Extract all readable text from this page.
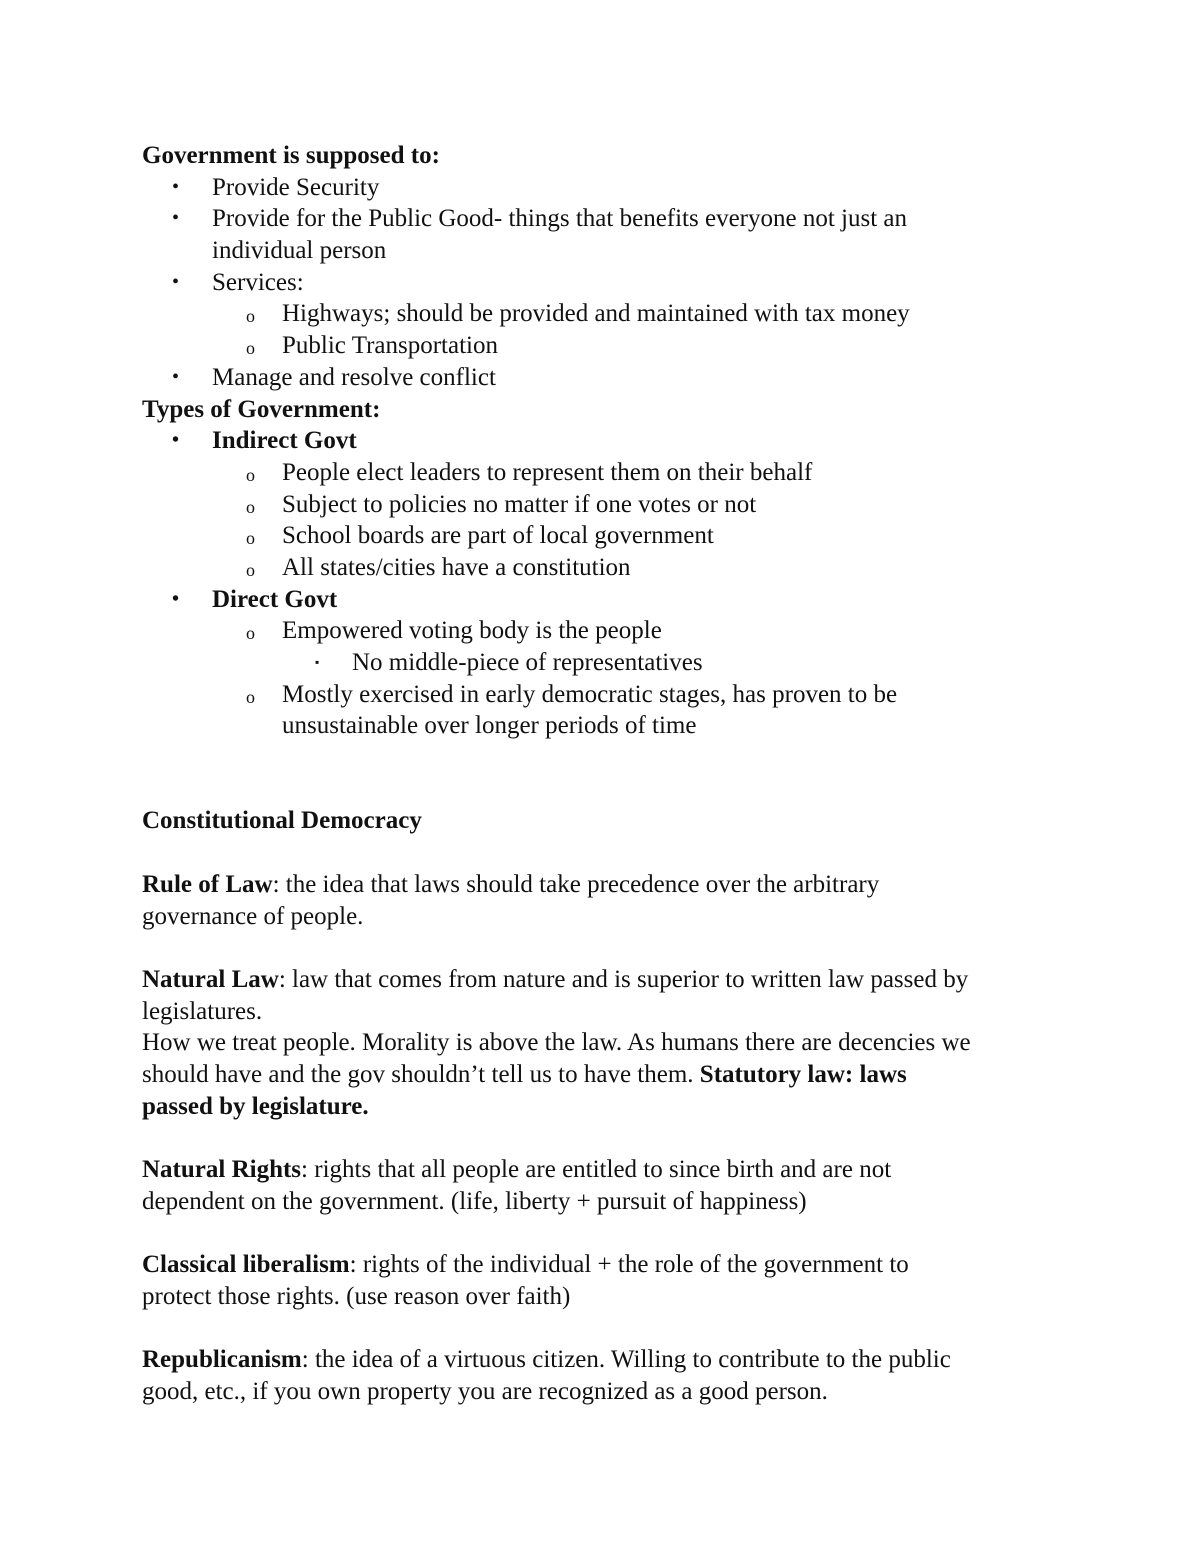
Government is supposed to:
• Provide Security
• Provide for the Public Good- things that benefits everyone not just an
individual person
• Services:
o Highways; should be provided and maintained with tax money
o Public Transportation
• Manage and resolve conflict
Types of Government:
• Indirect Govt
o People elect leaders to represent them on their behalf
o Subject to policies no matter if one votes or not
o School boards are part of local government
o All states/cities have a constitution
• Direct Govt
o Empowered voting body is the people
▪ No middle-piece of representatives
o Mostly exercised in early democratic stages, has proven to be
unsustainable over longer periods of time
Constitutional Democracy
Rule of Law: the idea that laws should take precedence over the arbitrary
governance of people.
Natural Law: law that comes from nature and is superior to written law passed by
legislatures.
How we treat people. Morality is above the law. As humans there are decencies we
should have and the gov shouldn’t tell us to have them. Statutory law: laws
passed by legislature.
Natural Rights: rights that all people are entitled to since birth and are not
dependent on the government. (life, liberty + pursuit of happiness)
Classical liberalism: rights of the individual + the role of the government to
protect those rights. (use reason over faith)
Republicanism: the idea of a virtuous citizen. Willing to contribute to the public
good, etc., if you own property you are recognized as a good person.
